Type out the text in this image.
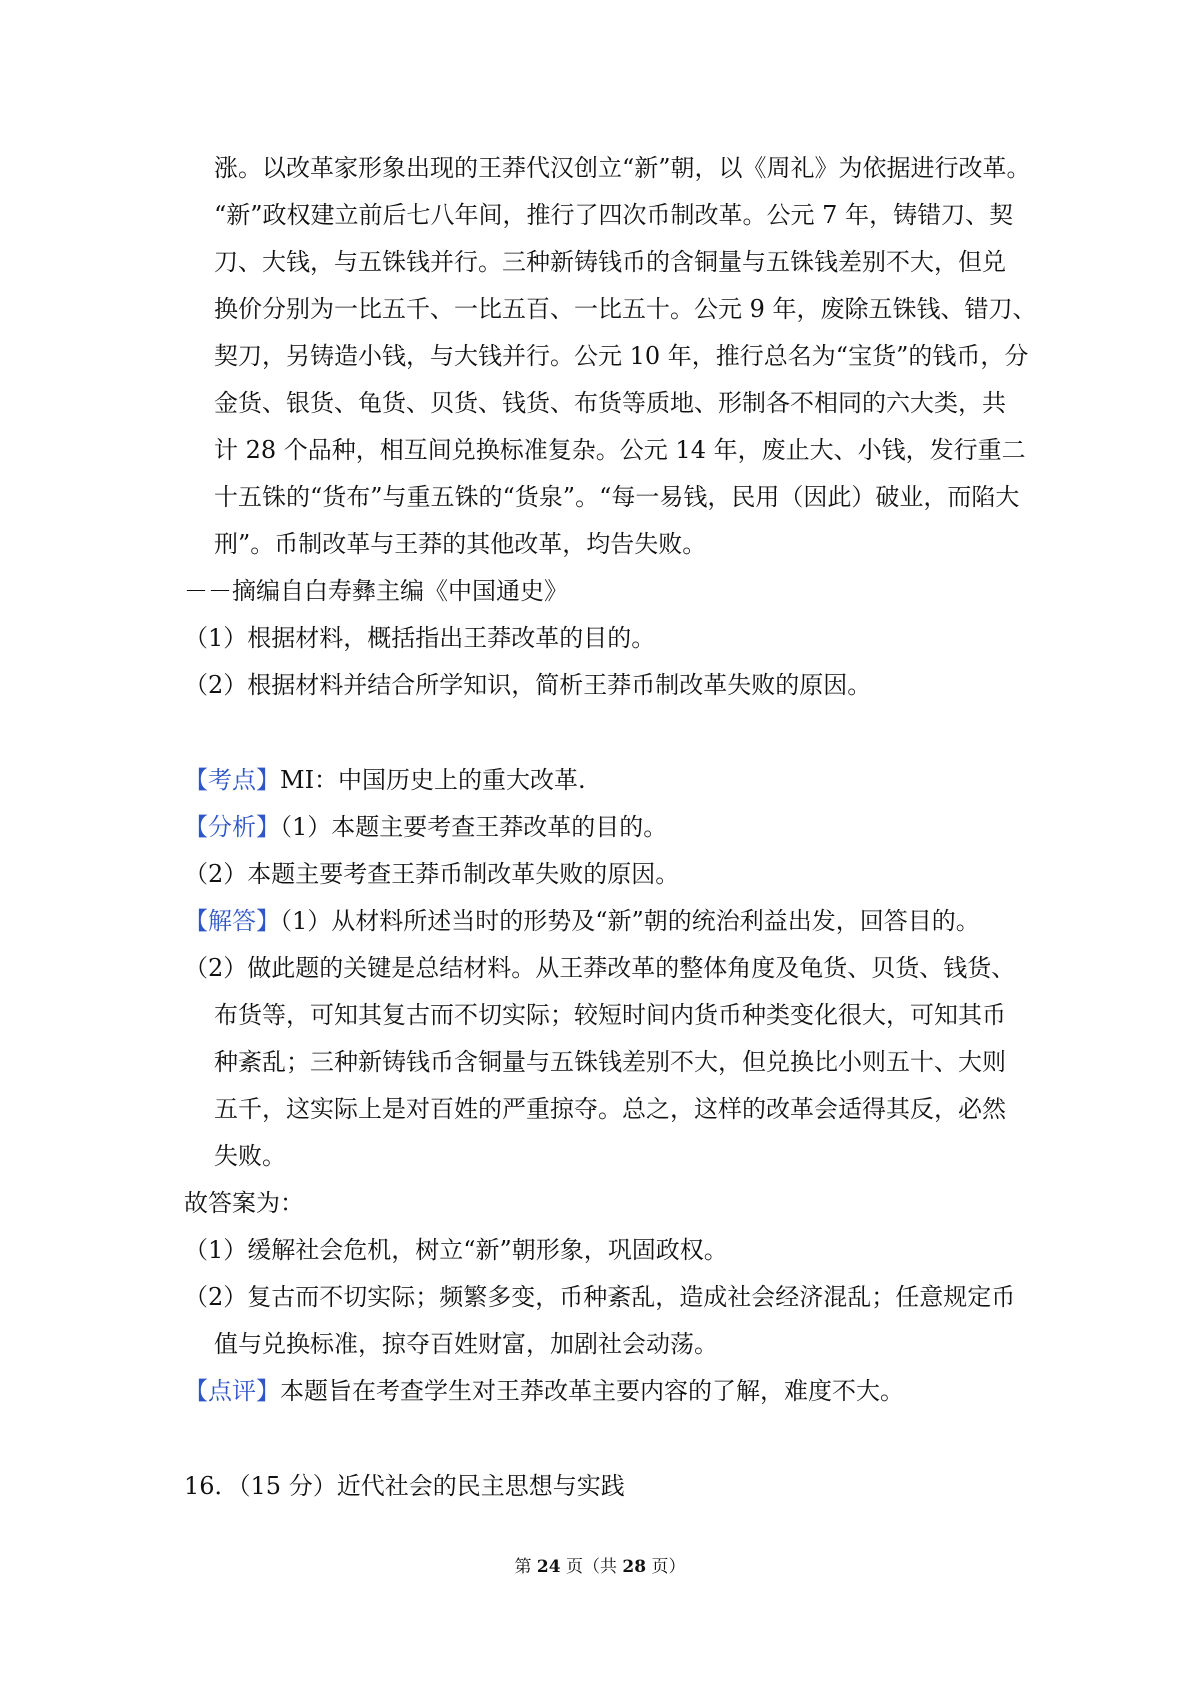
涨。以改革家形象出现的王莽代汉创立“新”朝，以《周礼》为依据进行改革。
“新”政权建立前后七八年间，推行了四次币制改革。公元 7 年，铸错刀、契
刀、大钱，与五铢钱并行。三种新铸钱币的含铜量与五铢钱差别不大，但兑
换价分别为一比五千、一比五百、一比五十。公元 9 年，废除五铢钱、错刀、
契刀，另铸造小钱，与大钱并行。公元 10 年，推行总名为“宝货”的钱币，分
金货、银货、龟货、贝货、钱货、布货等质地、形制各不相同的六大类，共
计 28 个品种，相互间兑换标准复杂。公元 14 年，废止大、小钱，发行重二
十五铢的“货布”与重五铢的“货泉”。“每一易钱，民用（因此）破业，而陷大
刑”。币制改革与王莽的其他改革，均告失败。
－－摘编自白寿彝主编《中国通史》
（1）根据材料，概括指出王莽改革的目的。
（2）根据材料并结合所学知识，简析王莽币制改革失败的原因。
【考点】MI：中国历史上的重大改革.
【分析】（1）本题主要考查王莽改革的目的。
（2）本题主要考查王莽币制改革失败的原因。
【解答】（1）从材料所述当时的形势及“新”朝的统治利益出发，回答目的。
（2）做此题的关键是总结材料。从王莽改革的整体角度及龟货、贝货、钱货、
布货等，可知其复古而不切实际；较短时间内货币种类变化很大，可知其币
种紊乱；三种新铸钱币含铜量与五铢钱差别不大，但兑换比小则五十、大则
五千，这实际上是对百姓的严重掠夺。总之，这样的改革会适得其反，必然
失败。
故答案为：
（1）缓解社会危机，树立“新”朝形象，巩固政权。
（2）复古而不切实际；频繁多变，币种紊乱，造成社会经济混乱；任意规定币
值与兑换标准，掠夺百姓财富，加剧社会动荡。
【点评】本题旨在考查学生对王莽改革主要内容的了解，难度不大。
16．（15 分）近代社会的民主思想与实践
第 24 页（共 28 页）
